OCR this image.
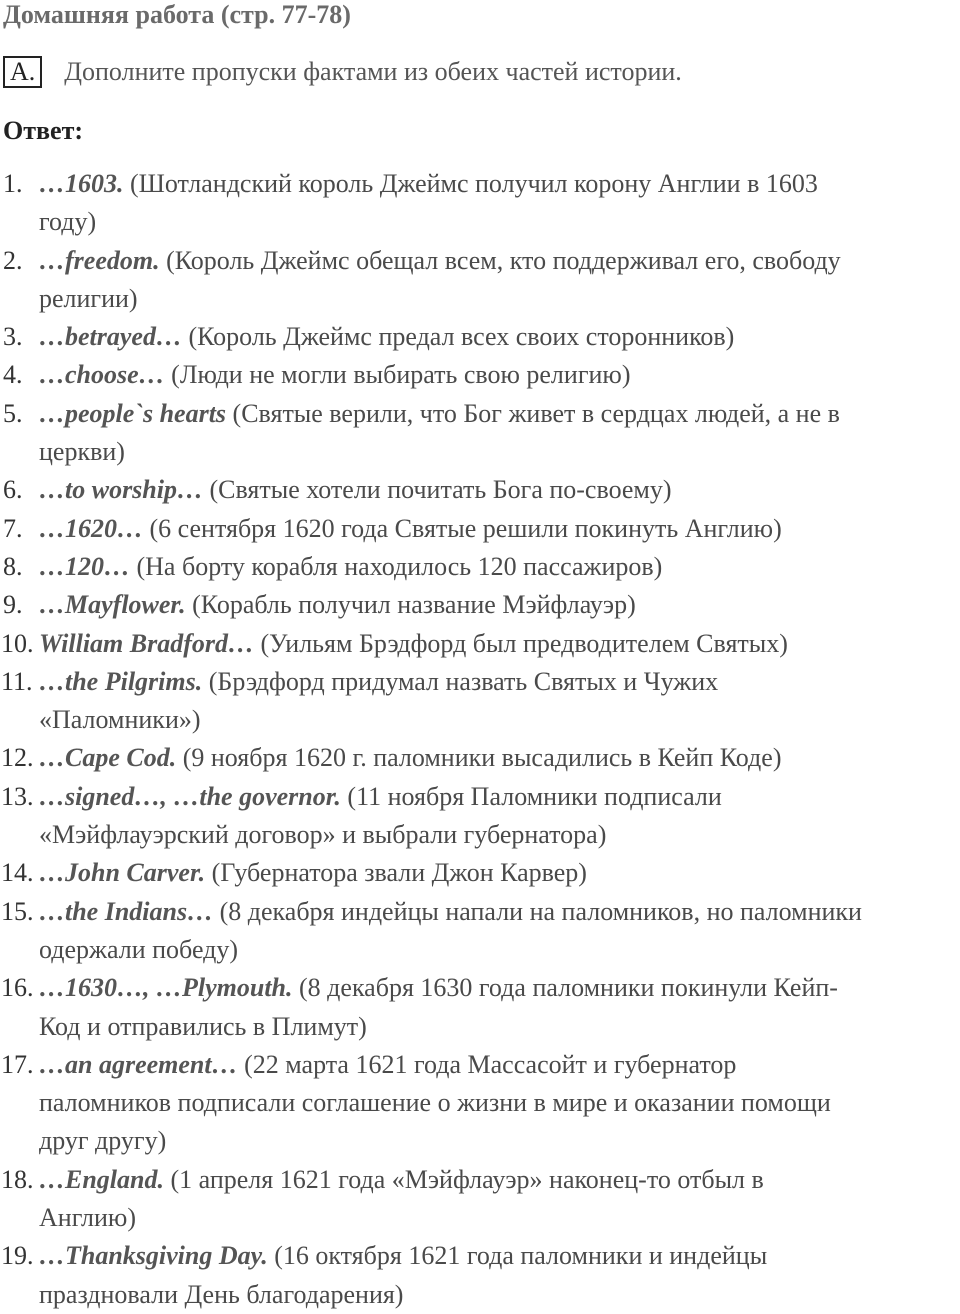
Домашняя работа (стр. 77-78)
A. Дополните пропуски фактами из обеих частей истории.
Ответ:
1. …1603. (Шотландский король Джеймс получил корону Англии в 1603
году)
2. …freedom. (Король Джеймс обещал всем, кто поддерживал его, свободу
религии)
3. …betrayed… (Король Джеймс предал всех своих сторонников)
4. …choose… (Люди не могли выбирать свою религию)
5. …people`s hearts (Святые верили, что Бог живет в сердцах людей, а не в
церкви)
6. …to worship… (Святые хотели почитать Бога по-своему)
7. …1620… (6 сентября 1620 года Святые решили покинуть Англию)
8. …120… (На борту корабля находилось 120 пассажиров)
9. …Mayflower. (Корабль получил название Мэйфлауэр)
10. William Bradford… (Уильям Брэдфорд был предводителем Святых)
11. …the Pilgrims. (Брэдфорд придумал назвать Святых и Чужих
«Паломники»)
12. …Cape Cod. (9 ноября 1620 г. паломники высадились в Кейп Коде)
13. …signed…, …the governor. (11 ноября Паломники подписали
«Мэйфлауэрский договор» и выбрали губернатора)
14. …John Carver. (Губернатора звали Джон Карвер)
15. …the Indians… (8 декабря индейцы напали на паломников, но паломники
одержали победу)
16. …1630…, …Plymouth. (8 декабря 1630 года паломники покинули Кейп-
Код и отправились в Плимут)
17. …an agreement… (22 марта 1621 года Массасойт и губернатор
паломников подписали соглашение о жизни в мире и оказании помощи
друг другу)
18. …England. (1 апреля 1621 года «Мэйфлауэр» наконец-то отбыл в
Англию)
19. …Thanksgiving Day. (16 октября 1621 года паломники и индейцы
праздновали День благодарения)
